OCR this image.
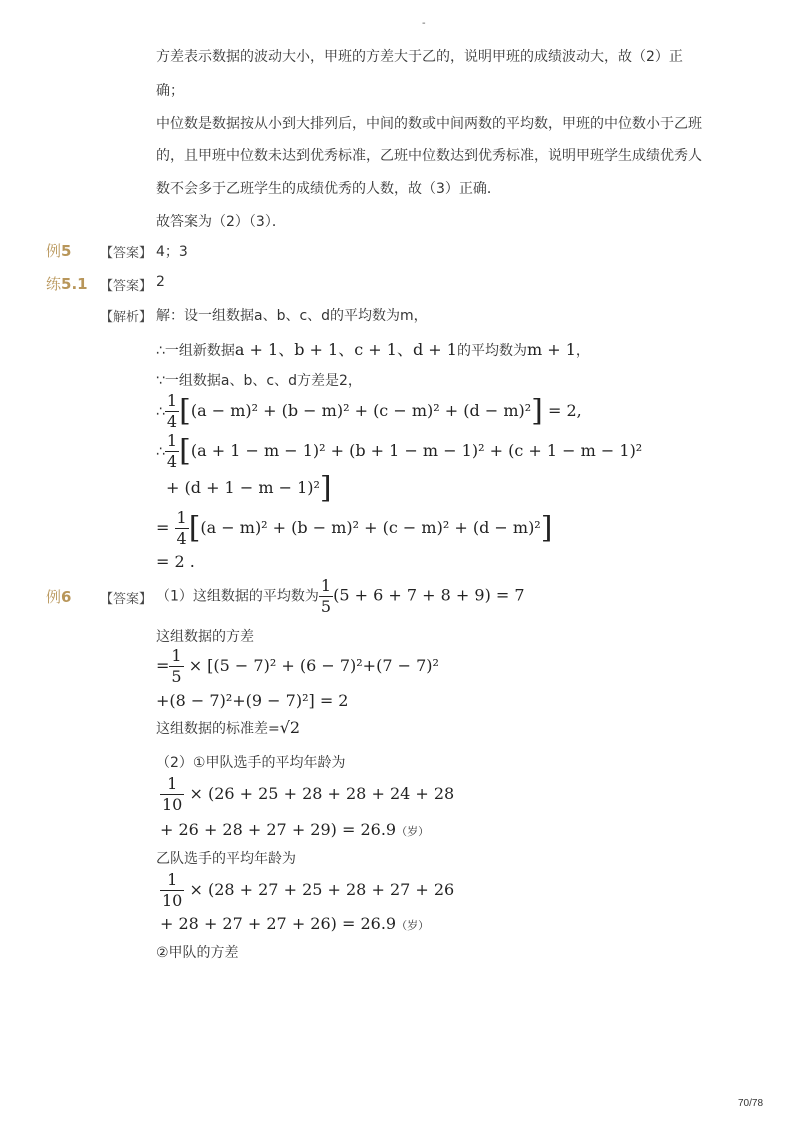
-
方差表示数据的波动大小，甲班的方差大于乙的，说明甲班的成绩波动大，故（2）正
确；
中位数是数据按从小到大排列后，中间的数或中间两数的平均数，甲班的中位数小于乙班
的，且甲班中位数未达到优秀标准，乙班中位数达到优秀标准，说明甲班学生成绩优秀人
数不会多于乙班学生的成绩优秀的人数，故（3）正确．
故答案为（2）（3）．
例5 【答案】 4；3
练5.1 【答案】 2
【解析】 解：设一组数据a、b、c、d的平均数为m，
∴一组新数据a + 1、b + 1、c + 1、d + 1的平均数为m + 1，
∵一组数据a、b、c、d方差是2，
∴ $\frac{1}{4} [(a - m)^2 + (b - m)^2 + (c - m)^2 + (d - m)^2] = 2$,
∴ $\frac{1}{4} [(a + 1 - m - 1)^2 + (b + 1 - m - 1)^2 + (c + 1 - m - 1)^2$
+ (d + 1 − m − 1)²]
= $\frac{1}{4} [(a - m)^2 + (b - m)^2 + (c - m)^2 + (d - m)^2]$
= 2 .
例6 【答案】 （1）这组数据的平均数为 $\frac{1}{5} (5 + 6 + 7 + 8 + 9) = 7$
这组数据的方差
= $\frac{1}{5} \times [(5 - 7)^2 + (6 - 7)^2+(7 - 7)^2$
+(8 − 7)²+(9 − 7)²] = 2
这组数据的标准差=√2
（2）①甲队选手的平均年龄为
$\frac{1}{10} \times (26 + 25 + 28 + 28 + 24 + 28$
+ 26 + 28 + 27 + 29) = 26.9（岁）
乙队选手的平均年龄为
$\frac{1}{10} \times (28 + 27 + 25 + 28 + 27 + 26$
+ 28 + 27 + 27 + 26) = 26.9（岁）
②甲队的方差
70/78
